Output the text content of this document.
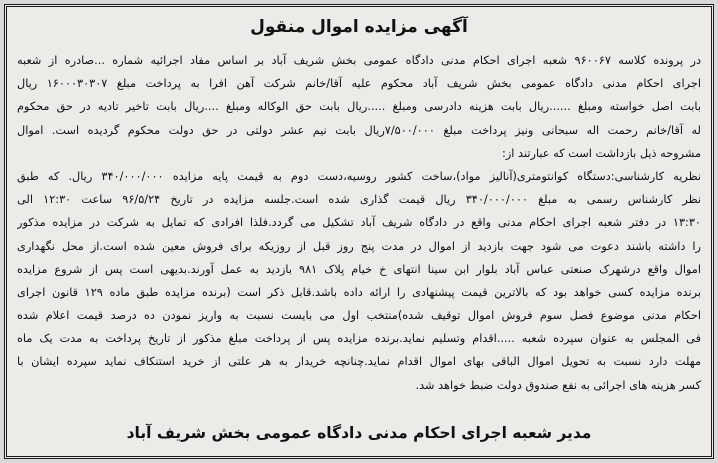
آگهی مزایده اموال منقول
در پرونده کلاسه ۹۶۰۰۶۷ شعبه اجرای احکام مدنی دادگاه عمومی بخش شریف آباد بر اساس مفاد اجرائیه شماره ...صادره از شعبه
اجرای احکام مدنی دادگاه عمومی بخش شریف آباد محکوم علیه آقا/خانم شرکت آهن افرا به پرداخت مبلغ ۱۶۰۰۰۳۰۳۰۷ ریال
بابت اصل خواسته ومبلغ ......ریال بابت هزینه دادرسی ومبلغ .....ریال بابت حق الوکاله ومبلغ ....ریال بابت تاخیر تادیه در حق محکوم
له آقا/خانم رحمت اله سبحانی ونیز پرداخت مبلغ ۷/۵۰۰/۰۰۰ریال بابت نیم عشر دولتی در حق دولت محکوم گردیده است. اموال
مشروحه ذیل بازداشت است که عبارتند از:
نظریه کارشناسی:دستگاه کوانتومتری(آنالیز مواد)،ساخت کشور روسیه،دست دوم به قیمت پایه مزایده ۳۴۰/۰۰۰/۰۰۰ ریال. که طبق
نظر کارشناس رسمی به مبلغ ۳۴۰/۰۰۰/۰۰۰ ریال قیمت گذاری شده است.جلسه مزایده در تاریخ ۹۶/۵/۲۴ ساعت ۱۲:۳۰ الی
۱۳:۳۰ در دفتر شعبه اجرای احکام مدنی واقع در دادگاه شریف آباد تشکیل می گردد.فلذا افرادی که تمایل به شرکت در مزایده مذکور
را داشته باشند دعوت می شود جهت بازدید از اموال در مدت پنج روز قبل از روزیکه برای فروش معین شده است.از محل نگهداری
اموال واقع درشهرک صنعتی عباس آباد بلوار ابن سینا انتهای خ خیام پلاک ۹۸۱ بازدید به عمل آورند.بدیهی است پس از شروع مزایده
برنده مزایده کسی خواهد بود که بالاترین قیمت پیشنهادی را ارائه داده باشد.قابل ذکر است (برنده مزایده طبق ماده ۱۲۹ قانون اجرای
احکام مدنی موضوع فصل سوم فروش اموال توقیف شده)منتخب اول می بایست نسبت به واریز نمودن ده درصد قیمت اعلام شده
فی المجلس به عنوان سپرده شعبه .....اقدام وتسلیم نماید.برنده مزایده پس از پرداخت مبلغ مذکور از تاریخ پرداخت به مدت یک ماه
مهلت دارد نسبت به تحویل اموال الباقی بهای اموال اقدام نماید.چنانچه خریدار به هر علتی از خرید استنکاف نماید سپرده ایشان با
کسر هزینه های اجرائی به نفع صندوق دولت ضبط خواهد شد.
مدیر شعبه اجرای احکام مدنی دادگاه عمومی بخش شریف آباد
